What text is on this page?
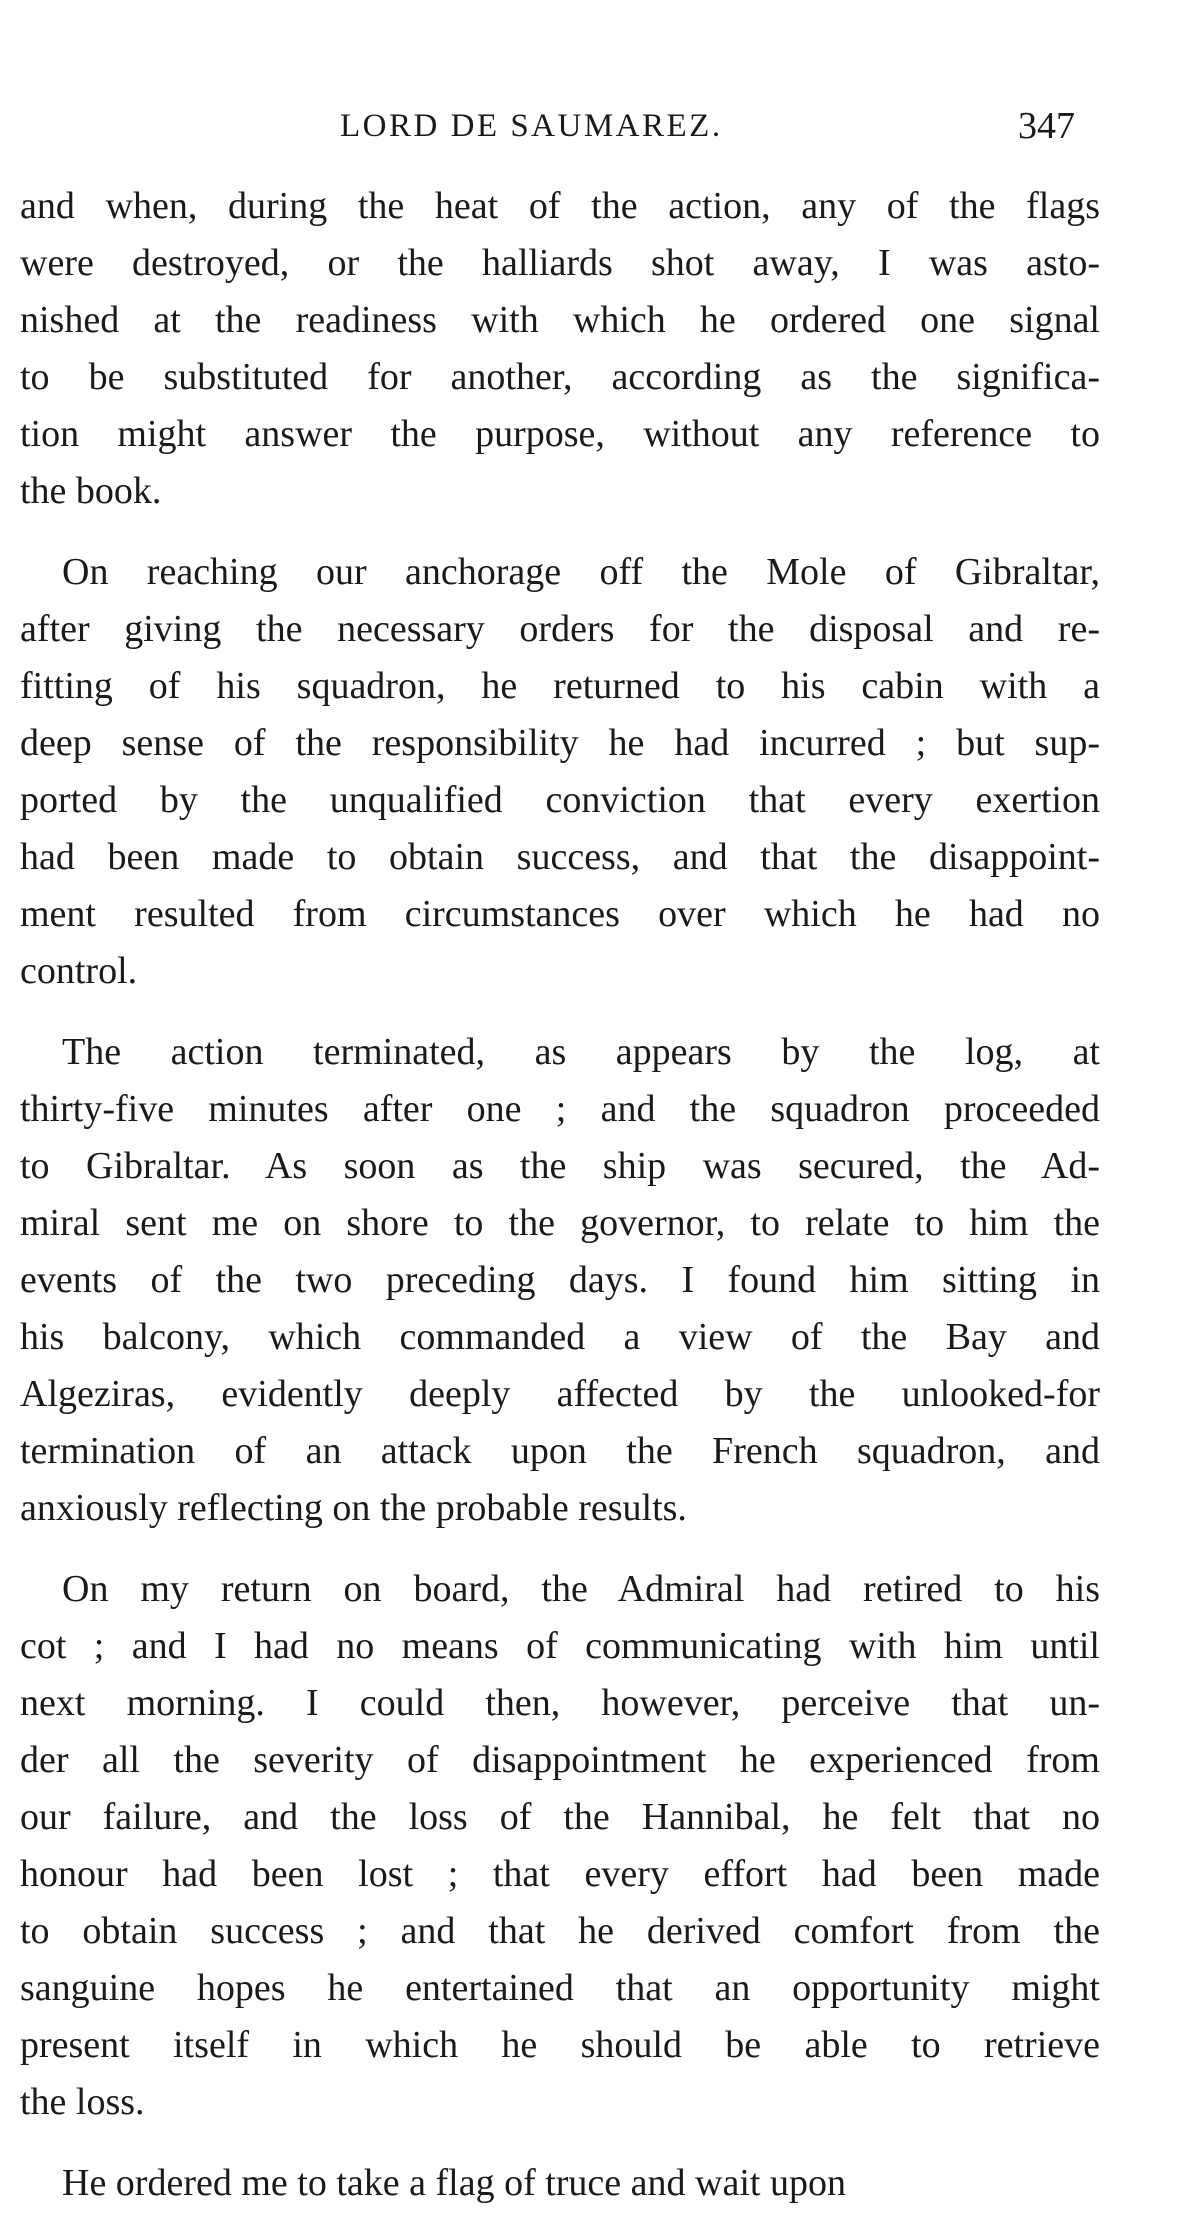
LORD DE SAUMAREZ.	347
and when, during the heat of the action, any of the flags
were destroyed, or the halliards shot away, I was asto-
nished at the readiness with which he ordered one signal
to be substituted for another, according as the significa-
tion might answer the purpose, without any reference to
the book.
On reaching our anchorage off the Mole of Gibraltar,
after giving the necessary orders for the disposal and re-
fitting of his squadron, he returned to his cabin with a
deep sense of the responsibility he had incurred ; but sup-
ported by the unqualified conviction that every exertion
had been made to obtain success, and that the disappoint-
ment resulted from circumstances over which he had no
control.
The action terminated, as appears by the log, at
thirty-five minutes after one ; and the squadron proceeded
to Gibraltar. As soon as the ship was secured, the Ad-
miral sent me on shore to the governor, to relate to him the
events of the two preceding days. I found him sitting in
his balcony, which commanded a view of the Bay and
Algeziras, evidently deeply affected by the unlooked-for
termination of an attack upon the French squadron, and
anxiously reflecting on the probable results.
On my return on board, the Admiral had retired to his
cot ; and I had no means of communicating with him until
next morning. I could then, however, perceive that un-
der all the severity of disappointment he experienced from
our failure, and the loss of the Hannibal, he felt that no
honour had been lost ; that every effort had been made
to obtain success ; and that he derived comfort from the
sanguine hopes he entertained that an opportunity might
present itself in which he should be able to retrieve
the loss.
He ordered me to take a flag of truce and wait upon
